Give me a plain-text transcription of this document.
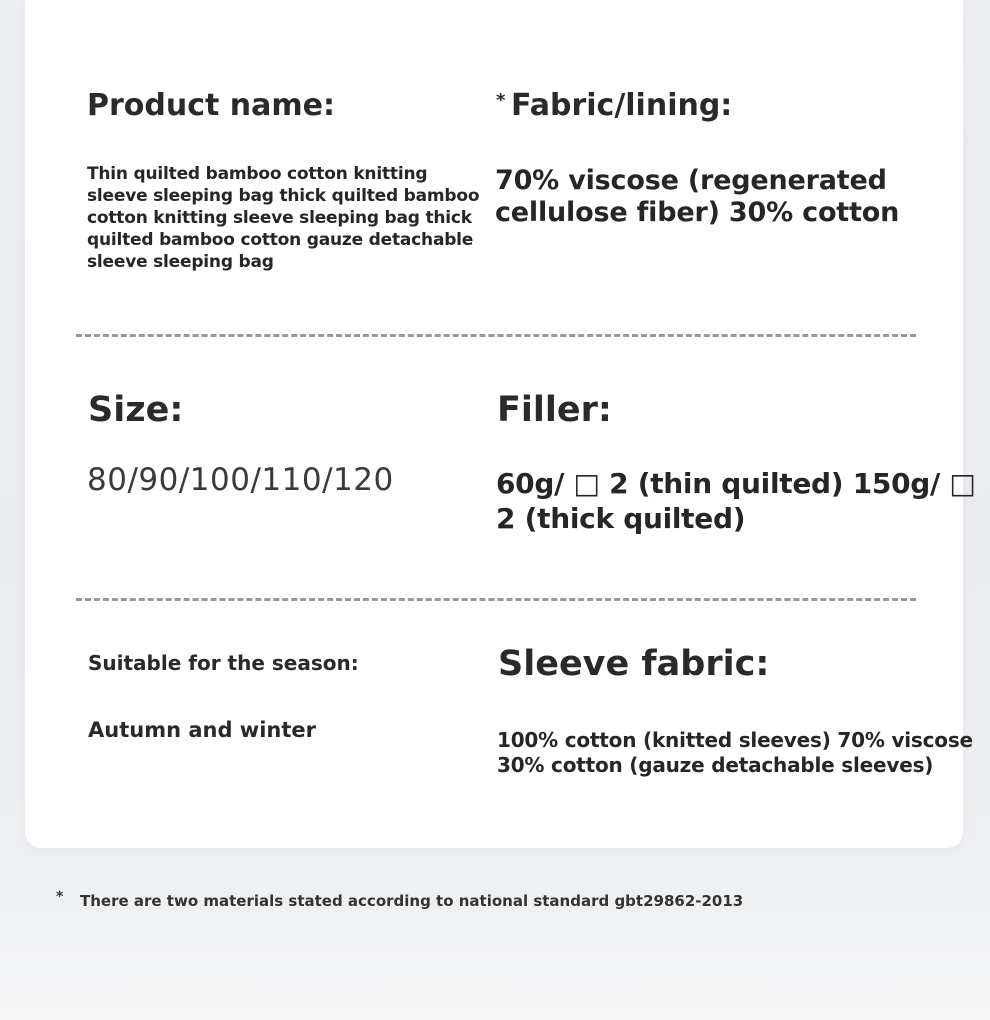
Product name:
Thin quilted bamboo cotton knitting sleeve sleeping bag thick quilted bamboo cotton knitting sleeve sleeping bag thick quilted bamboo cotton gauze detachable sleeve sleeping bag
* Fabric/lining:
70% viscose (regenerated cellulose fiber) 30% cotton
Size:
80/90/100/110/120
Filler:
60g/ □ 2 (thin quilted) 150g/ □ 2 (thick quilted)
Suitable for the season:
Autumn and winter
Sleeve fabric:
100% cotton (knitted sleeves) 70% viscose 30% cotton (gauze detachable sleeves)
* There are two materials stated according to national standard gbt29862-2013
